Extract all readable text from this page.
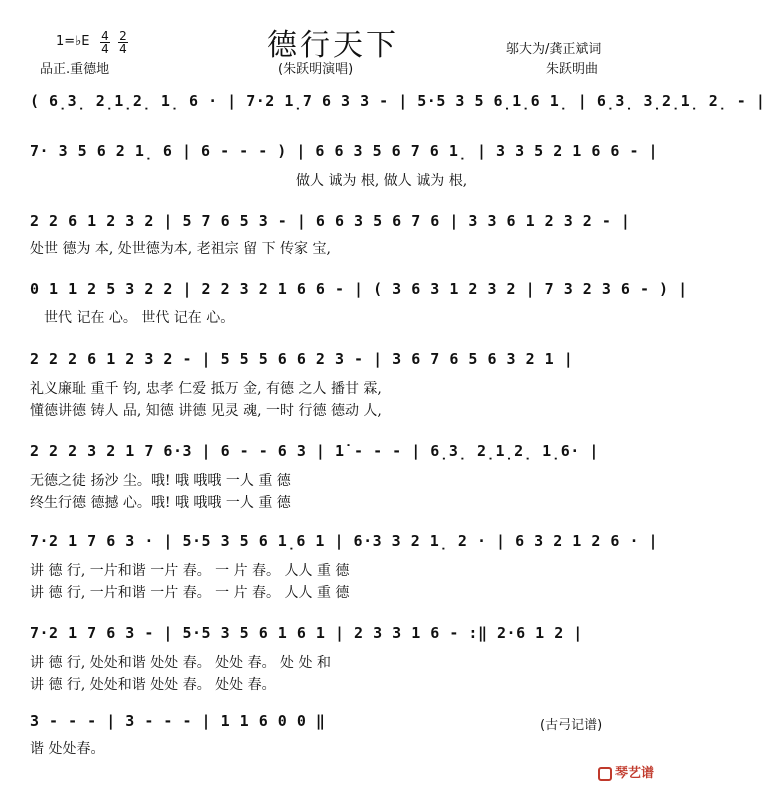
德行天下
1=♭E 4
4
2
4
品正.重德地	(朱跃明演唱)
邬大为/龚正斌词
朱跃明曲
( 6̣3̣ 2̣1̣2̣ 1̣ 6 · | 7·2 1̣7 6 3 3 - | 5·5 3 5 6̣1̣6 1̣ | 6̣3̣ 3̣2̣1̣ 2̣ - |
7· 3 5 6 2 1̣ 6 | 6 - - - ) | 6 6 3 5 6 7 6 1̣ | 3 3 5 2 1 6 6 - |
做人 诚为 根, 做人 诚为 根,
2 2 6 1 2 3 2 | 5 7 6 5 3 - | 6 6 3 5 6 7 6 | 3 3 6 1 2 3 2 - |
处世 德为 本, 处世德为本, 老祖宗 留 下 传家 宝,
0 1 1 2 5 3 2 2 | 2 2 3 2 1 6 6 - | ( 3 6 3 1 2 3 2 | 7 3 2 3 6 - ) |
世代 记在 心。 世代 记在 心。
2 2 2 6 1 2 3 2 - | 5 5 5 6 6 2 3 - | 3 6 7 6 5 6 3 2 1 |
礼义廉耻 重千 钧, 忠孝 仁爱 抵万 金, 有德 之人 播甘 霖,
懂德讲德 铸人 品, 知德 讲德 见灵 魂, 一时 行德 德动 人,
2 2 2 3 2 1 7 6·3 | 6 - - 6 3 | 1̇ - - - | 6̣3̣ 2̣1̣2̣ 1̣6· |
无德之徒 扬沙 尘。哦! 哦 哦哦 一人 重 德
终生行德 德撼 心。哦! 哦 哦哦 一人 重 德
7·2 1 7 6 3 · | 5·5 3 5 6 1̣6 1 | 6·3 3 2 1̣ 2 · | 6 3 2 1 2 6 · |
讲 德 行, 一片和谐 一片 春。 一 片 春。 人人 重 德
讲 德 行, 一片和谐 一片 春。 一 片 春。 人人 重 德
7·2 1 7 6 3 - | 5·5 3 5 6 1 6 1 | 2 3 3 1 6 - :‖ 2·6 1 2 |
讲 德 行, 处处和谐 处处 春。 处处 春。 处 处 和
讲 德 行, 处处和谐 处处 春。 处处 春。
3 - - - | 3 - - - | 1 1 6 0 0 ‖
谐 处处春。
(古弓记谱)
琴艺谱
